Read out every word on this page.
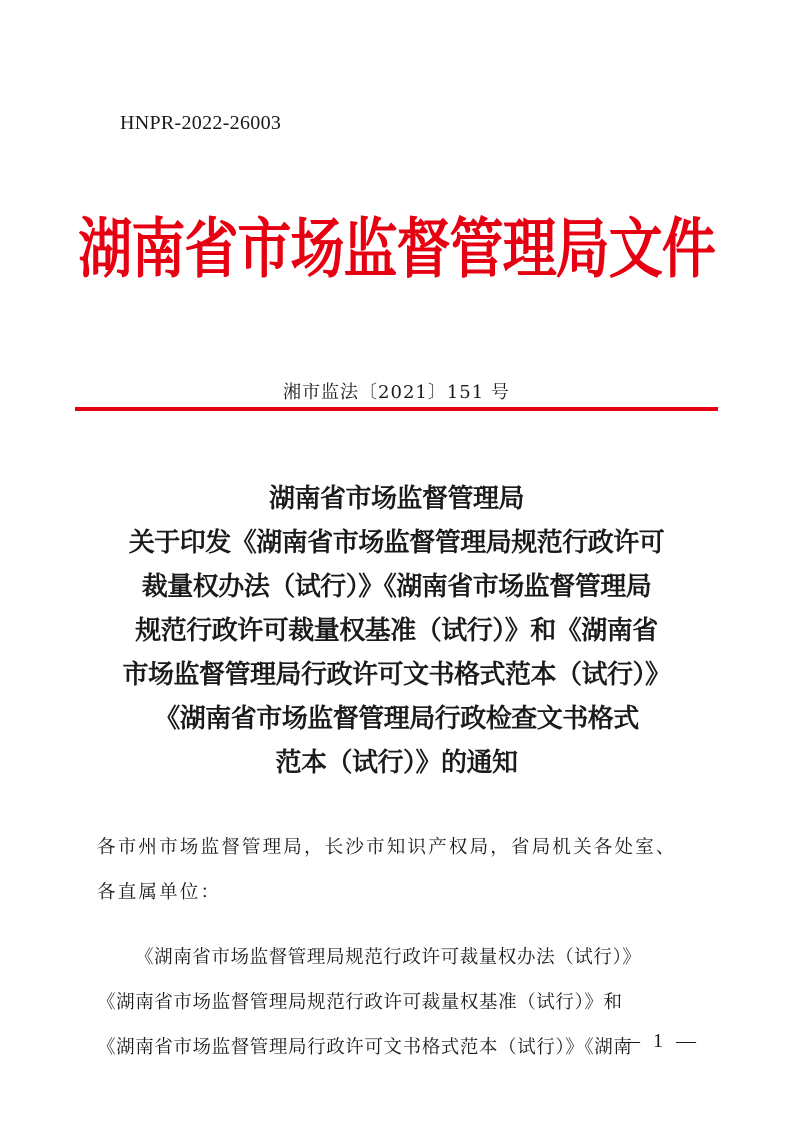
HNPR-2022-26003
湖南省市场监督管理局文件
湘市监法〔2021〕151 号
湖南省市场监督管理局
关于印发《湖南省市场监督管理局规范行政许可
裁量权办法（试行）》《湖南省市场监督管理局
规范行政许可裁量权基准（试行）》和《湖南省
市场监督管理局行政许可文书格式范本（试行）》
《湖南省市场监督管理局行政检查文书格式
范本（试行）》的通知

各市州市场监督管理局，长沙市知识产权局，省局机关各处室、

各直属单位：

《湖南省市场监督管理局规范行政许可裁量权办法（试行）》

《湖南省市场监督管理局规范行政许可裁量权基准（试行）》和

《湖南省市场监督管理局行政许可文书格式范本（试行）》《湖南

— 1 —
